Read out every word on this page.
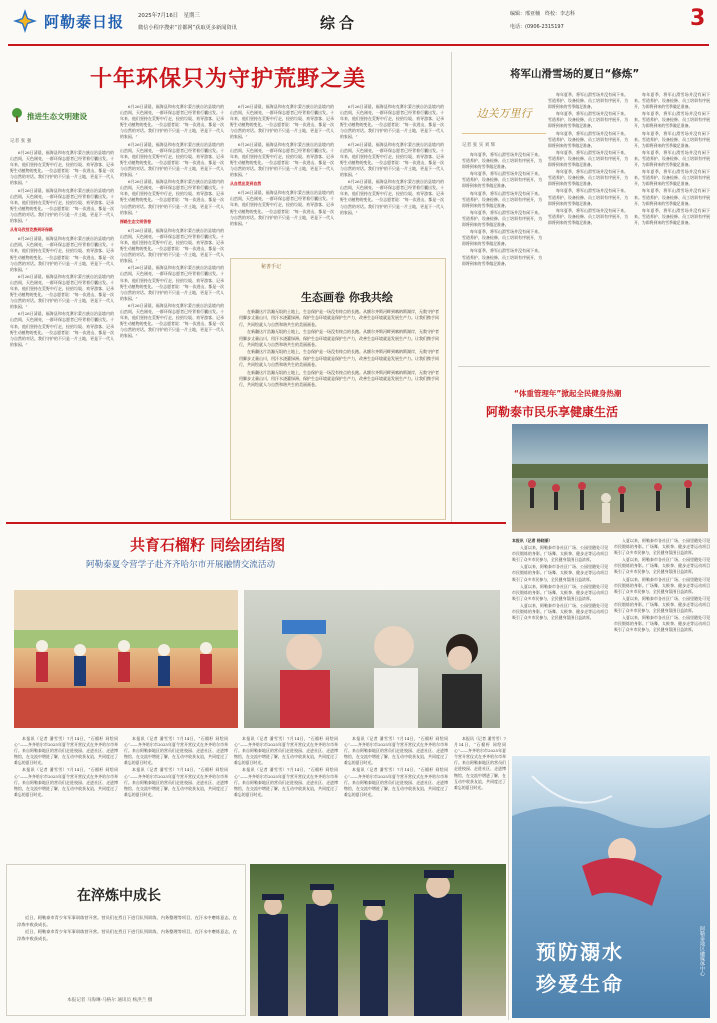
阿勒泰日报	2025年7月16日　星期三
微信小程序搜索“首都网”获取更多新闻资讯	综合	编辑：邢亚楠　终校：李志科
电话：(0906-2315197	3
十年环保只为守护荒野之美
推进生态文明建设
记者 张 强

6月26日清晨，福海县和布克赛尔蒙古族自治县境内的山峦间，天色刚亮，一群环保志愿者已经背着行囊出发。十年来，他们坚持在荒野中行走，捡拾垃圾、劝导游客、记录野生动植物的变化。一位志愿者说：“每一次进山，都是一次与自然的对话。我们守护的不只是一片土地，更是下一代人的家园。”

6月26日清晨，福海县和布克赛尔蒙古族自治县境内的山峦间，天色刚亮，一群环保志愿者已经背着行囊出发。十年来，他们坚持在荒野中行走，捡拾垃圾、劝导游客、记录野生动植物的变化。一位志愿者说：“每一次进山，都是一次与自然的对话。我们守护的不只是一片土地，更是下一代人的家园。”

从有乌孜别克族到环保路

6月26日清晨，福海县和布克赛尔蒙古族自治县境内的山峦间，天色刚亮，一群环保志愿者已经背着行囊出发。十年来，他们坚持在荒野中行走，捡拾垃圾、劝导游客、记录野生动植物的变化。一位志愿者说：“每一次进山，都是一次与自然的对话。我们守护的不只是一片土地，更是下一代人的家园。”

6月26日清晨，福海县和布克赛尔蒙古族自治县境内的山峦间，天色刚亮，一群环保志愿者已经背着行囊出发。十年来，他们坚持在荒野中行走，捡拾垃圾、劝导游客、记录野生动植物的变化。一位志愿者说：“每一次进山，都是一次与自然的对话。我们守护的不只是一片土地，更是下一代人的家园。”

6月26日清晨，福海县和布克赛尔蒙古族自治县境内的山峦间，天色刚亮，一群环保志愿者已经背着行囊出发。十年来，他们坚持在荒野中行走，捡拾垃圾、劝导游客、记录野生动植物的变化。一位志愿者说：“每一次进山，都是一次与自然的对话。我们守护的不只是一片土地，更是下一代人的家园。”

6月26日清晨，福海县和布克赛尔蒙古族自治县境内的山峦间，天色刚亮，一群环保志愿者已经背着行囊出发。十年来，他们坚持在荒野中行走，捡拾垃圾、劝导游客、记录野生动植物的变化。一位志愿者说：“每一次进山，都是一次与自然的对话。我们守护的不只是一片土地，更是下一代人的家园。”

6月26日清晨，福海县和布克赛尔蒙古族自治县境内的山峦间，天色刚亮，一群环保志愿者已经背着行囊出发。十年来，他们坚持在荒野中行走，捡拾垃圾、劝导游客、记录野生动植物的变化。一位志愿者说：“每一次进山，都是一次与自然的对话。我们守护的不只是一片土地，更是下一代人的家园。”

6月26日清晨，福海县和布克赛尔蒙古族自治县境内的山峦间，天色刚亮，一群环保志愿者已经背着行囊出发。十年来，他们坚持在荒野中行走，捡拾垃圾、劝导游客、记录野生动植物的变化。一位志愿者说：“每一次进山，都是一次与自然的对话。我们守护的不只是一片土地，更是下一代人的家园。”

探路生态文明答卷

6月26日清晨，福海县和布克赛尔蒙古族自治县境内的山峦间，天色刚亮，一群环保志愿者已经背着行囊出发。十年来，他们坚持在荒野中行走，捡拾垃圾、劝导游客、记录野生动植物的变化。一位志愿者说：“每一次进山，都是一次与自然的对话。我们守护的不只是一片土地，更是下一代人的家园。”

6月26日清晨，福海县和布克赛尔蒙古族自治县境内的山峦间，天色刚亮，一群环保志愿者已经背着行囊出发。十年来，他们坚持在荒野中行走，捡拾垃圾、劝导游客、记录野生动植物的变化。一位志愿者说：“每一次进山，都是一次与自然的对话。我们守护的不只是一片土地，更是下一代人的家园。”

6月26日清晨，福海县和布克赛尔蒙古族自治县境内的山峦间，天色刚亮，一群环保志愿者已经背着行囊出发。十年来，他们坚持在荒野中行走，捡拾垃圾、劝导游客、记录野生动植物的变化。一位志愿者说：“每一次进山，都是一次与自然的对话。我们守护的不只是一片土地，更是下一代人的家园。”

6月26日清晨，福海县和布克赛尔蒙古族自治县境内的山峦间，天色刚亮，一群环保志愿者已经背着行囊出发。十年来，他们坚持在荒野中行走，捡拾垃圾、劝导游客、记录野生动植物的变化。一位志愿者说：“每一次进山，都是一次与自然的对话。我们守护的不只是一片土地，更是下一代人的家园。”

6月26日清晨，福海县和布克赛尔蒙古族自治县境内的山峦间，天色刚亮，一群环保志愿者已经背着行囊出发。十年来，他们坚持在荒野中行走，捡拾垃圾、劝导游客、记录野生动植物的变化。一位志愿者说：“每一次进山，都是一次与自然的对话。我们守护的不只是一片土地，更是下一代人的家园。”

从自然出发到自然

6月26日清晨，福海县和布克赛尔蒙古族自治县境内的山峦间，天色刚亮，一群环保志愿者已经背着行囊出发。十年来，他们坚持在荒野中行走，捡拾垃圾、劝导游客、记录野生动植物的变化。一位志愿者说：“每一次进山，都是一次与自然的对话。我们守护的不只是一片土地，更是下一代人的家园。”

6月26日清晨，福海县和布克赛尔蒙古族自治县境内的山峦间，天色刚亮，一群环保志愿者已经背着行囊出发。十年来，他们坚持在荒野中行走，捡拾垃圾、劝导游客、记录野生动植物的变化。一位志愿者说：“每一次进山，都是一次与自然的对话。我们守护的不只是一片土地，更是下一代人的家园。”

6月26日清晨，福海县和布克赛尔蒙古族自治县境内的山峦间，天色刚亮，一群环保志愿者已经背着行囊出发。十年来，他们坚持在荒野中行走，捡拾垃圾、劝导游客、记录野生动植物的变化。一位志愿者说：“每一次进山，都是一次与自然的对话。我们守护的不只是一片土地，更是下一代人的家园。”

6月26日清晨，福海县和布克赛尔蒙古族自治县境内的山峦间，天色刚亮，一群环保志愿者已经背着行囊出发。十年来，他们坚持在荒野中行走，捡拾垃圾、劝导游客、记录野生动植物的变化。一位志愿者说：“每一次进山，都是一次与自然的对话。我们守护的不只是一片土地，更是下一代人的家园。”

秘書手记
生态画卷 你我共绘

在新疆这片浩瀚无垠的土地上，生态保护是一场没有终点的长跑。从额尔齐斯河畔到喀纳斯湖岸，无数守护者用脚步丈量山川，用汗水浇灌绿洲。保护生态环境就是保护生产力，改善生态环境就是发展生产力。让我们携手同行，共同绘就人与自然和谐共生的美丽画卷。

在新疆这片浩瀚无垠的土地上，生态保护是一场没有终点的长跑。从额尔齐斯河畔到喀纳斯湖岸，无数守护者用脚步丈量山川，用汗水浇灌绿洲。保护生态环境就是保护生产力，改善生态环境就是发展生产力。让我们携手同行，共同绘就人与自然和谐共生的美丽画卷。

在新疆这片浩瀚无垠的土地上，生态保护是一场没有终点的长跑。从额尔齐斯河畔到喀纳斯湖岸，无数守护者用脚步丈量山川，用汗水浇灌绿洲。保护生态环境就是保护生产力，改善生态环境就是发展生产力。让我们携手同行，共同绘就人与自然和谐共生的美丽画卷。

在新疆这片浩瀚无垠的土地上，生态保护是一场没有终点的长跑。从额尔齐斯河畔到喀纳斯湖岸，无数守护者用脚步丈量山川，用汗水浇灌绿洲。保护生态环境就是保护生产力，改善生态环境就是发展生产力。让我们携手同行，共同绘就人与自然和谐共生的美丽画卷。

将军山滑雪场的夏日“修炼”
边关万里行
记者 张 实 刘 辉

每年夏季，将军山滑雪场并没有闲下来。雪道养护、设备检修、员工培训有序展开，为即将到来的雪季做足准备。

每年夏季，将军山滑雪场并没有闲下来。雪道养护、设备检修、员工培训有序展开，为即将到来的雪季做足准备。

每年夏季，将军山滑雪场并没有闲下来。雪道养护、设备检修、员工培训有序展开，为即将到来的雪季做足准备。

每年夏季，将军山滑雪场并没有闲下来。雪道养护、设备检修、员工培训有序展开，为即将到来的雪季做足准备。

每年夏季，将军山滑雪场并没有闲下来。雪道养护、设备检修、员工培训有序展开，为即将到来的雪季做足准备。

每年夏季，将军山滑雪场并没有闲下来。雪道养护、设备检修、员工培训有序展开，为即将到来的雪季做足准备。

每年夏季，将军山滑雪场并没有闲下来。雪道养护、设备检修、员工培训有序展开，为即将到来的雪季做足准备。

每年夏季，将军山滑雪场并没有闲下来。雪道养护、设备检修、员工培训有序展开，为即将到来的雪季做足准备。

每年夏季，将军山滑雪场并没有闲下来。雪道养护、设备检修、员工培训有序展开，为即将到来的雪季做足准备。

每年夏季，将军山滑雪场并没有闲下来。雪道养护、设备检修、员工培训有序展开，为即将到来的雪季做足准备。

每年夏季，将军山滑雪场并没有闲下来。雪道养护、设备检修、员工培训有序展开，为即将到来的雪季做足准备。

每年夏季，将军山滑雪场并没有闲下来。雪道养护、设备检修、员工培训有序展开，为即将到来的雪季做足准备。

每年夏季，将军山滑雪场并没有闲下来。雪道养护、设备检修、员工培训有序展开，为即将到来的雪季做足准备。

每年夏季，将军山滑雪场并没有闲下来。雪道养护、设备检修、员工培训有序展开，为即将到来的雪季做足准备。

每年夏季，将军山滑雪场并没有闲下来。雪道养护、设备检修、员工培训有序展开，为即将到来的雪季做足准备。

每年夏季，将军山滑雪场并没有闲下来。雪道养护、设备检修、员工培训有序展开，为即将到来的雪季做足准备。

每年夏季，将军山滑雪场并没有闲下来。雪道养护、设备检修、员工培训有序展开，为即将到来的雪季做足准备。

每年夏季，将军山滑雪场并没有闲下来。雪道养护、设备检修、员工培训有序展开，为即将到来的雪季做足准备。

每年夏季，将军山滑雪场并没有闲下来。雪道养护、设备检修、员工培训有序展开，为即将到来的雪季做足准备。

每年夏季，将军山滑雪场并没有闲下来。雪道养护、设备检修、员工培训有序展开，为即将到来的雪季做足准备。

“体重管理年”掀起全民健身热潮
阿勒泰市民乐享健康生活

本报讯（记者 杨晓丽）

入夏以来，阿勒泰市各社区广场、公园里随处可见市民锻炼的身影。广场舞、太极拳、健步走等运动项目吸引了众多市民参与，全民健身氛围日益浓厚。

入夏以来，阿勒泰市各社区广场、公园里随处可见市民锻炼的身影。广场舞、太极拳、健步走等运动项目吸引了众多市民参与，全民健身氛围日益浓厚。

入夏以来，阿勒泰市各社区广场、公园里随处可见市民锻炼的身影。广场舞、太极拳、健步走等运动项目吸引了众多市民参与，全民健身氛围日益浓厚。

入夏以来，阿勒泰市各社区广场、公园里随处可见市民锻炼的身影。广场舞、太极拳、健步走等运动项目吸引了众多市民参与，全民健身氛围日益浓厚。

入夏以来，阿勒泰市各社区广场、公园里随处可见市民锻炼的身影。广场舞、太极拳、健步走等运动项目吸引了众多市民参与，全民健身氛围日益浓厚。

入夏以来，阿勒泰市各社区广场、公园里随处可见市民锻炼的身影。广场舞、太极拳、健步走等运动项目吸引了众多市民参与，全民健身氛围日益浓厚。

入夏以来，阿勒泰市各社区广场、公园里随处可见市民锻炼的身影。广场舞、太极拳、健步走等运动项目吸引了众多市民参与，全民健身氛围日益浓厚。

入夏以来，阿勒泰市各社区广场、公园里随处可见市民锻炼的身影。广场舞、太极拳、健步走等运动项目吸引了众多市民参与，全民健身氛围日益浓厚。

入夏以来，阿勒泰市各社区广场、公园里随处可见市民锻炼的身影。广场舞、太极拳、健步走等运动项目吸引了众多市民参与，全民健身氛围日益浓厚。

共育石榴籽 同绘团结图
阿勒泰夏令营学子赴齐齐哈尔市开展融情交流活动

本报讯（记者 潘雪雪）7月14日，“石榴籽 同绘同心”——齐齐哈尔市2025年夏令营开营仪式在齐齐哈尔市举行。来自阿勒泰地区的营员们走进校园、走进社区、走进博物馆，在交流中增进了解，在互动中收获友谊，共同度过了难忘的夏日时光。

本报讯（记者 潘雪雪）7月14日，“石榴籽 同绘同心”——齐齐哈尔市2025年夏令营开营仪式在齐齐哈尔市举行。来自阿勒泰地区的营员们走进校园、走进社区、走进博物馆，在交流中增进了解，在互动中收获友谊，共同度过了难忘的夏日时光。

本报讯（记者 潘雪雪）7月14日，“石榴籽 同绘同心”——齐齐哈尔市2025年夏令营开营仪式在齐齐哈尔市举行。来自阿勒泰地区的营员们走进校园、走进社区、走进博物馆，在交流中增进了解，在互动中收获友谊，共同度过了难忘的夏日时光。

本报讯（记者 潘雪雪）7月14日，“石榴籽 同绘同心”——齐齐哈尔市2025年夏令营开营仪式在齐齐哈尔市举行。来自阿勒泰地区的营员们走进校园、走进社区、走进博物馆，在交流中增进了解，在互动中收获友谊，共同度过了难忘的夏日时光。

本报讯（记者 潘雪雪）7月14日，“石榴籽 同绘同心”——齐齐哈尔市2025年夏令营开营仪式在齐齐哈尔市举行。来自阿勒泰地区的营员们走进校园、走进社区、走进博物馆，在交流中增进了解，在互动中收获友谊，共同度过了难忘的夏日时光。

本报讯（记者 潘雪雪）7月14日，“石榴籽 同绘同心”——齐齐哈尔市2025年夏令营开营仪式在齐齐哈尔市举行。来自阿勒泰地区的营员们走进校园、走进社区、走进博物馆，在交流中增进了解，在互动中收获友谊，共同度过了难忘的夏日时光。

本报讯（记者 潘雪雪）7月14日，“石榴籽 同绘同心”——齐齐哈尔市2025年夏令营开营仪式在齐齐哈尔市举行。来自阿勒泰地区的营员们走进校园、走进社区、走进博物馆，在交流中增进了解，在互动中收获友谊，共同度过了难忘的夏日时光。

本报讯（记者 潘雪雪）7月14日，“石榴籽 同绘同心”——齐齐哈尔市2025年夏令营开营仪式在齐齐哈尔市举行。来自阿勒泰地区的营员们走进校园、走进社区、走进博物馆，在交流中增进了解，在互动中收获友谊，共同度过了难忘的夏日时光。

本报讯（记者 潘雪雪）7月14日，“石榴籽 同绘同心”——齐齐哈尔市2025年夏令营开营仪式在齐齐哈尔市举行。来自阿勒泰地区的营员们走进校园、走进社区、走进博物馆，在交流中增进了解，在互动中收获友谊，共同度过了难忘的夏日时光。

在淬炼中成长

近日，阿勒泰市青少年军事训练营开营。营员们在烈日下进行队列训练、内务整理等项目，在汗水中磨炼意志，在淬炼中收获成长。

近日，阿勒泰市青少年军事训练营开营。营员们在烈日下进行队列训练、内务整理等项目，在汗水中磨炼意志，在淬炼中收获成长。

本报记者 马海琳·马格尔 通讯员 杨洪兰 摄
预防溺水
珍爱生命
阿勒泰地区融媒体中心
